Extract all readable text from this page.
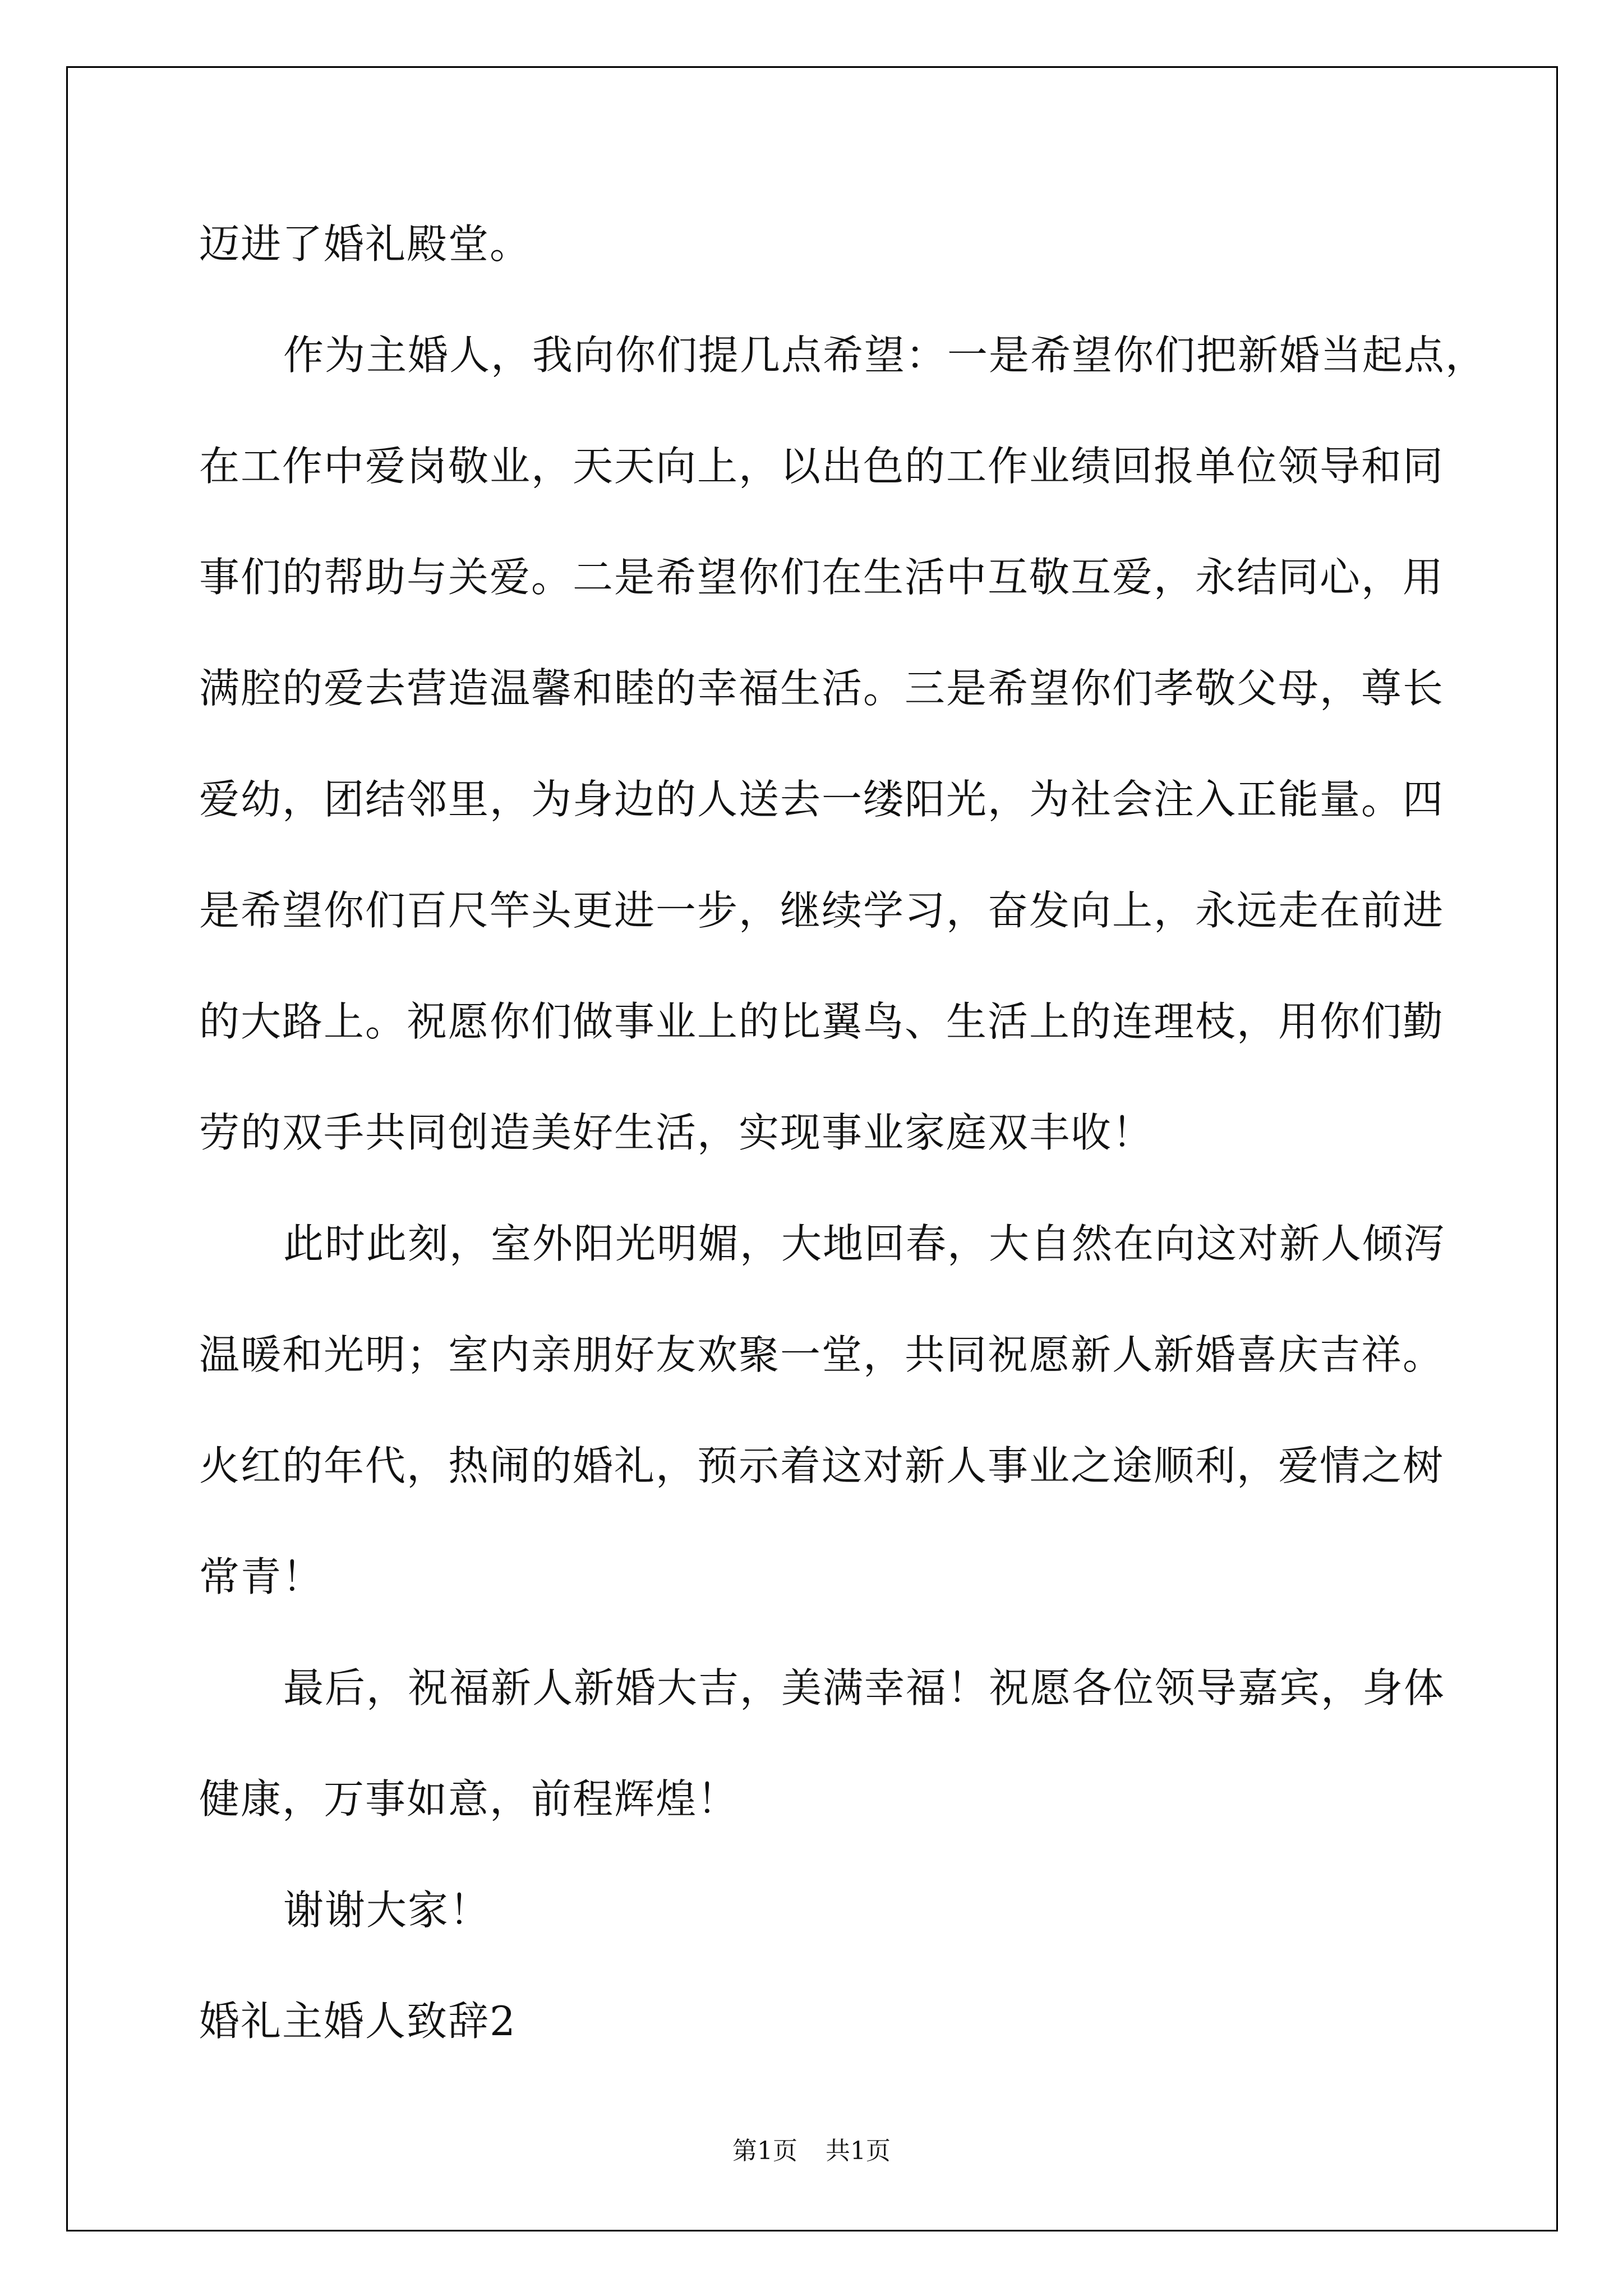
迈进了婚礼殿堂。
作为主婚人，我向你们提几点希望：一是希望你们把新婚当起点，
在工作中爱岗敬业，天天向上，以出色的工作业绩回报单位领导和同
事们的帮助与关爱。二是希望你们在生活中互敬互爱，永结同心，用
满腔的爱去营造温馨和睦的幸福生活。三是希望你们孝敬父母，尊长
爱幼，团结邻里，为身边的人送去一缕阳光，为社会注入正能量。四
是希望你们百尺竿头更进一步，继续学习，奋发向上，永远走在前进
的大路上。祝愿你们做事业上的比翼鸟、生活上的连理枝，用你们勤
劳的双手共同创造美好生活，实现事业家庭双丰收！
此时此刻，室外阳光明媚，大地回春，大自然在向这对新人倾泻
温暖和光明；室内亲朋好友欢聚一堂，共同祝愿新人新婚喜庆吉祥。
火红的年代，热闹的婚礼，预示着这对新人事业之途顺利，爱情之树
常青！
最后，祝福新人新婚大吉，美满幸福！祝愿各位领导嘉宾，身体
健康，万事如意，前程辉煌！
谢谢大家！
婚礼主婚人致辞2
第1页 共1页
